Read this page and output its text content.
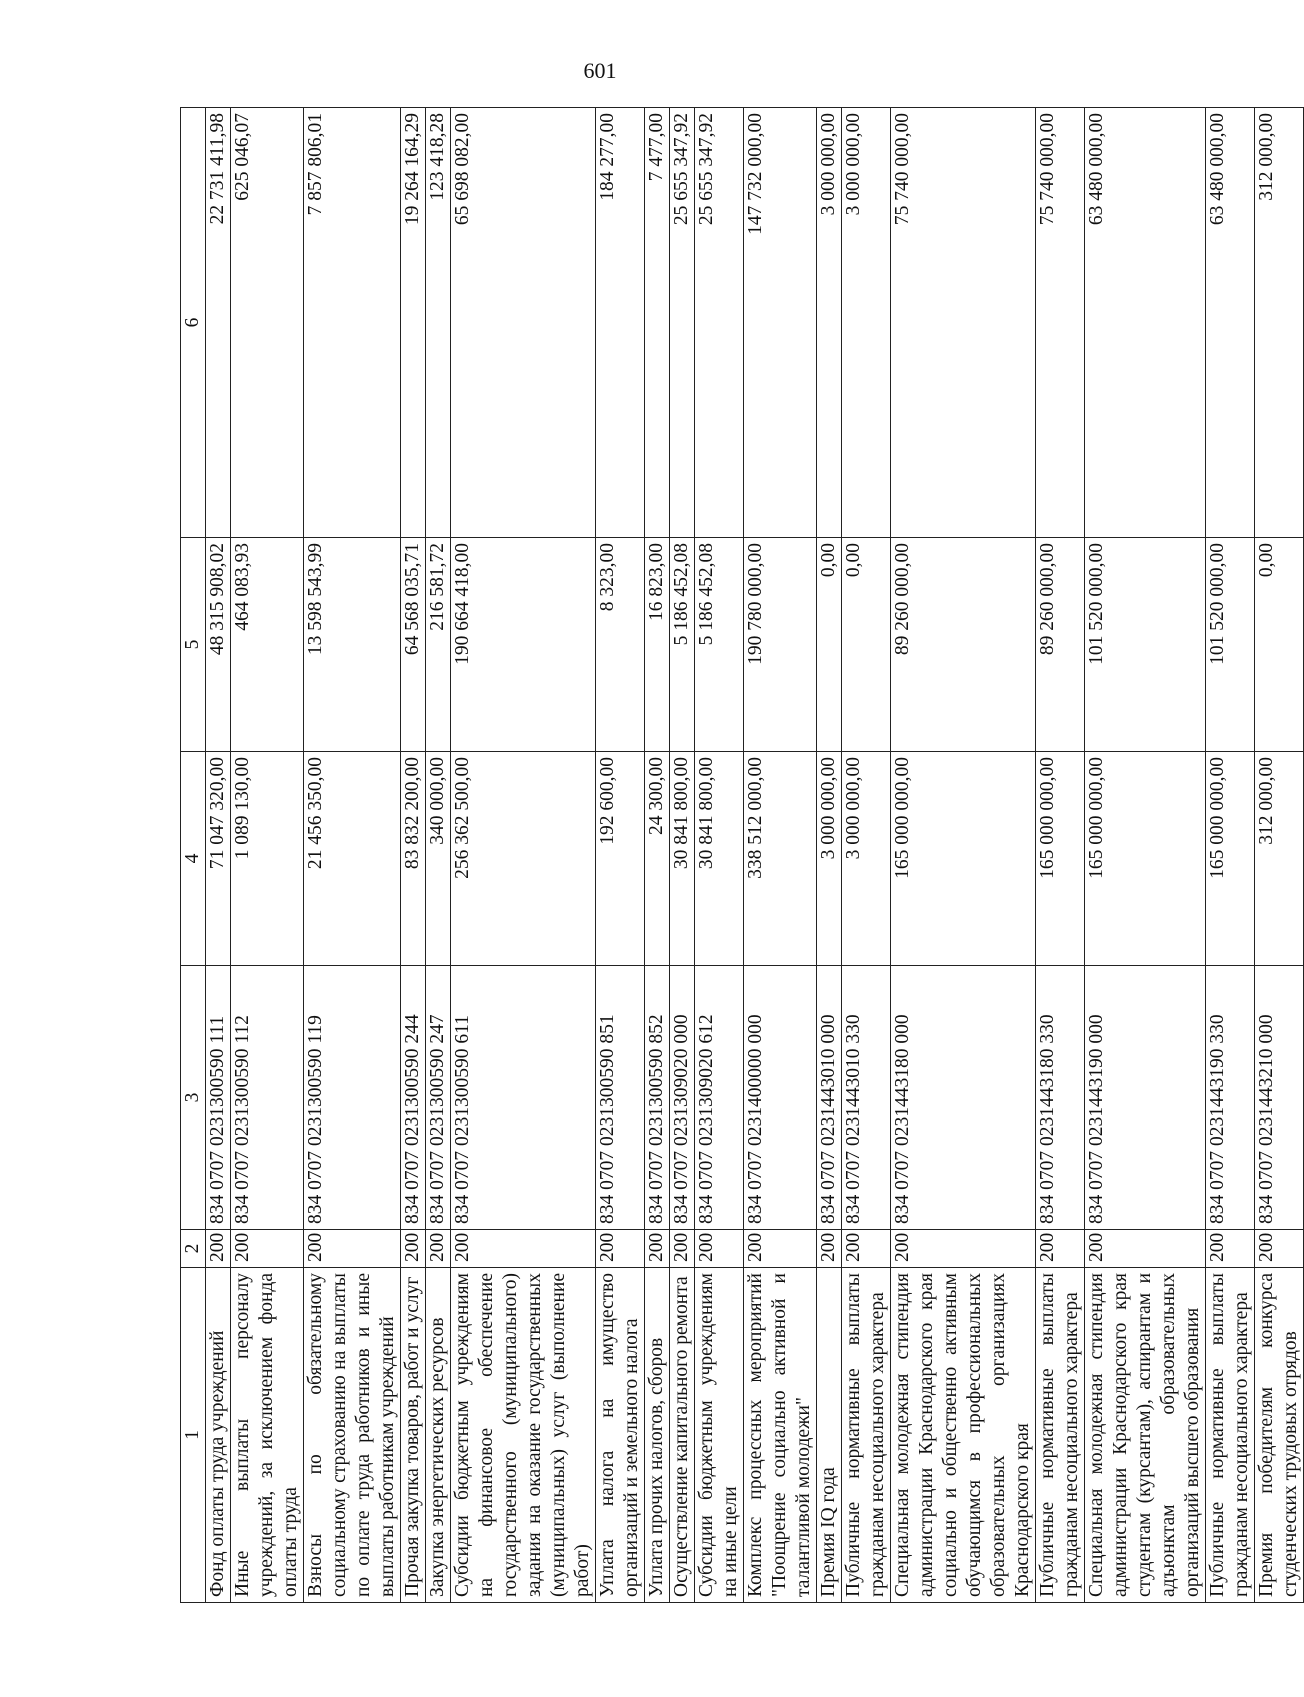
601
1	2	3	4	5	6
Фонд оплаты труда учреждений	200	834 0707 0231300590 111	71 047 320,00	48 315 908,02	22 731 411,98
Иные выплаты персоналу учреждений, за исключением фонда оплаты труда	200	834 0707 0231300590 112	1 089 130,00	464 083,93	625 046,07
Взносы по обязательному социальному страхованию на выплаты по оплате труда работников и иные выплаты работникам учреждений	200	834 0707 0231300590 119	21 456 350,00	13 598 543,99	7 857 806,01
Прочая закупка товаров, работ и услуг	200	834 0707 0231300590 244	83 832 200,00	64 568 035,71	19 264 164,29
Закупка энергетических ресурсов	200	834 0707 0231300590 247	340 000,00	216 581,72	123 418,28
Субсидии бюджетным учреждениям на финансовое обеспечение государственного (муниципального) задания на оказание государственных (муниципальных) услуг (выполнение работ)	200	834 0707 0231300590 611	256 362 500,00	190 664 418,00	65 698 082,00
Уплата налога на имущество организаций и земельного налога	200	834 0707 0231300590 851	192 600,00	8 323,00	184 277,00
Уплата прочих налогов, сборов	200	834 0707 0231300590 852	24 300,00	16 823,00	7 477,00
Осуществление капитального ремонта	200	834 0707 0231309020 000	30 841 800,00	5 186 452,08	25 655 347,92
Субсидии бюджетным учреждениям на иные цели	200	834 0707 0231309020 612	30 841 800,00	5 186 452,08	25 655 347,92
Комплекс процессных мероприятий "Поощрение социально активной и талантливой молодежи"	200	834 0707 0231400000 000	338 512 000,00	190 780 000,00	147 732 000,00
Премия IQ года	200	834 0707 0231443010 000	3 000 000,00	0,00	3 000 000,00
Публичные нормативные выплаты гражданам несоциального характера	200	834 0707 0231443010 330	3 000 000,00	0,00	3 000 000,00
Специальная молодежная стипендия администрации Краснодарского края социально и общественно активным обучающимся в профессиональных образовательных организациях Краснодарского края	200	834 0707 0231443180 000	165 000 000,00	89 260 000,00	75 740 000,00
Публичные нормативные выплаты гражданам несоциального характера	200	834 0707 0231443180 330	165 000 000,00	89 260 000,00	75 740 000,00
Специальная молодежная стипендия администрации Краснодарского края студентам (курсантам), аспирантам и адъюнктам образовательных организаций высшего образования	200	834 0707 0231443190 000	165 000 000,00	101 520 000,00	63 480 000,00
Публичные нормативные выплаты гражданам несоциального характера	200	834 0707 0231443190 330	165 000 000,00	101 520 000,00	63 480 000,00
Премия победителям конкурса студенческих трудовых отрядов	200	834 0707 0231443210 000	312 000,00	0,00	312 000,00
